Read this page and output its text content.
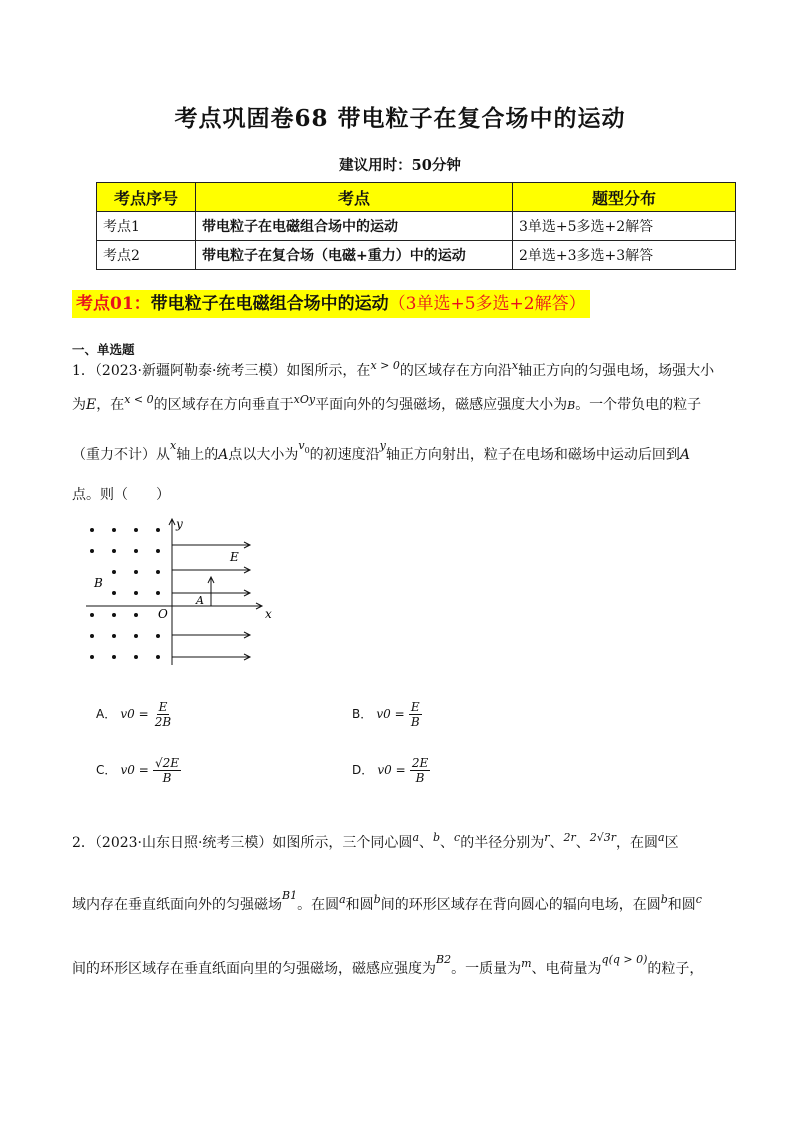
考点巩固卷68 带电粒子在复合场中的运动
建议用时：50分钟
考点序号	考点	题型分布
考点1	带电粒子在电磁组合场中的运动	3单选+5多选+2解答
考点2	带电粒子在复合场（电磁+重力）中的运动	2单选+3多选+3解答
考点01：带电粒子在电磁组合场中的运动（3单选+5多选+2解答）
一、单选题
1．（2023·新疆阿勒泰·统考三模）如图所示，在$^{x > 0}$的区域存在方向沿$^x$轴正方向的匀强电场，场强大小
为E，在$^{x < 0}$的区域存在方向垂直于$^{xOy}$平面向外的匀强磁场，磁感应强度大小为B。一个带负电的粒子
（重力不计）从$^x$轴上的A点以大小为$^{v0}$的初速度沿$^y$轴正方向射出，粒子在电场和磁场中运动后回到A
点。则（　　）
y
x
E
B
A
O
A． $v0 = \frac{E}{2B}$	B． $v0 = \frac{E}{B}$
C． $v0 = \frac{√2E}{B}$	D． $v0 = \frac{2E}{B}$
2．（2023·山东日照·统考三模）如图所示，三个同心圆$^a$、$^b$、$^c$的半径分别为$^r$、$^{2r}$、$^{2√3r}$，在圆$^a$区
域内存在垂直纸面向外的匀强磁场$^{B1}$。在圆$^a$和圆$^b$间的环形区域存在背向圆心的辐向电场，在圆$^b$和圆$^c$
间的环形区域存在垂直纸面向里的匀强磁场，磁感应强度为$^{B2}$。一质量为$^m$、电荷量为$^{q(q > 0)}$的粒子，
